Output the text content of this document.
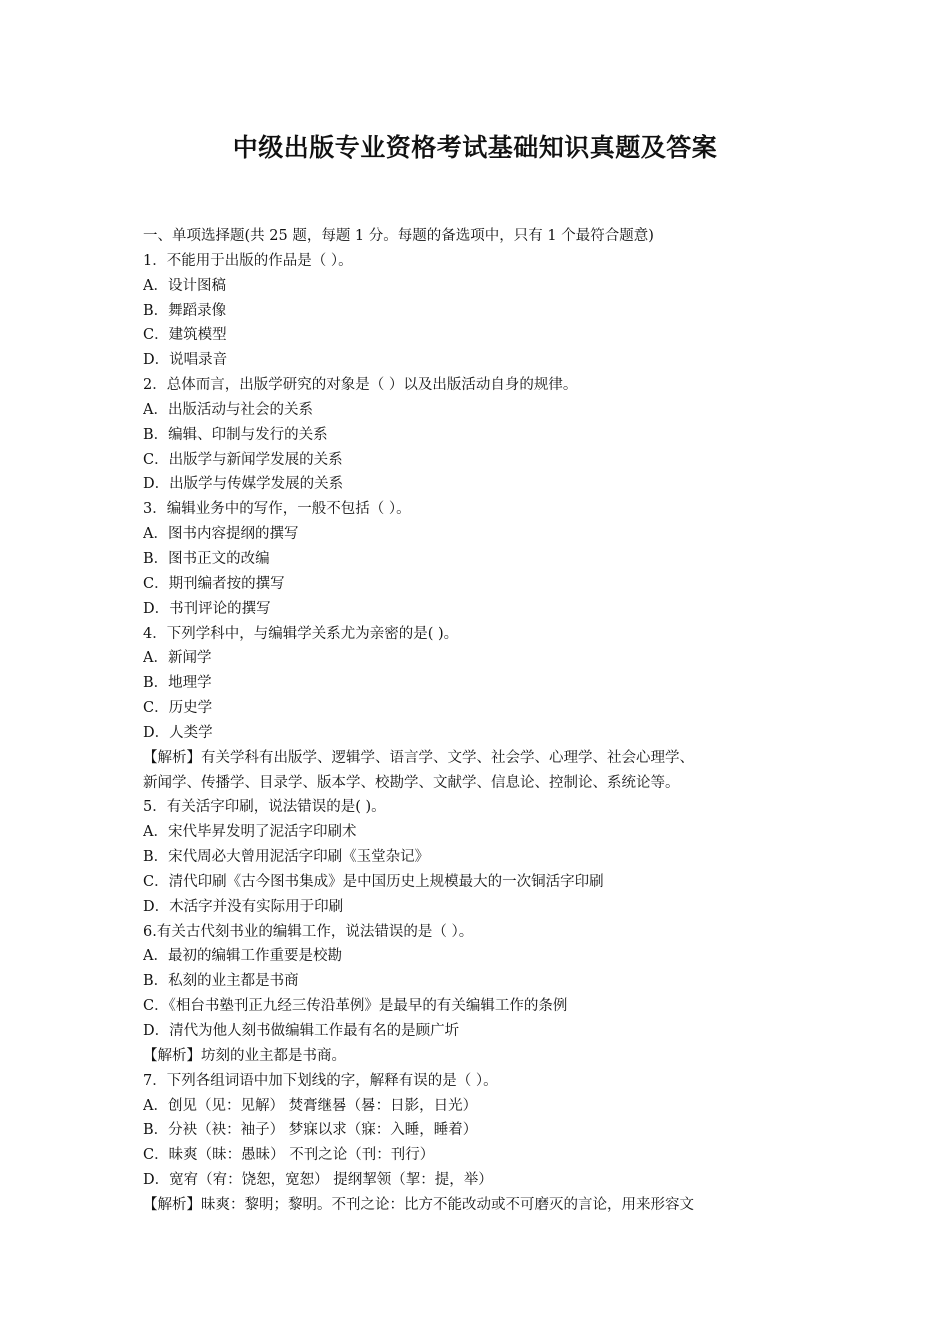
中级出版专业资格考试基础知识真题及答案
一、单项选择题(共 25 题，每题 1 分。每题的备选项中，只有 1 个最符合题意)
1．不能用于出版的作品是（ ）。
A．设计图稿
B．舞蹈录像
C．建筑模型
D．说唱录音
2．总体而言，出版学研究的对象是（ ）以及出版活动自身的规律。
A．出版活动与社会的关系
B．编辑、印制与发行的关系
C．出版学与新闻学发展的关系
D．出版学与传媒学发展的关系
3．编辑业务中的写作，一般不包括（ ）。
A．图书内容提纲的撰写
B．图书正文的改编
C．期刊编者按的撰写
D．书刊评论的撰写
4．下列学科中，与编辑学关系尤为亲密的是( )。
A．新闻学
B．地理学
C．历史学
D．人类学
【解析】有关学科有出版学、逻辑学、语言学、文学、社会学、心理学、社会心理学、
新闻学、传播学、目录学、版本学、校勘学、文献学、信息论、控制论、系统论等。
5．有关活字印刷，说法错误的是( )。
A．宋代毕昇发明了泥活字印刷术
B．宋代周必大曾用泥活字印刷《玉堂杂记》
C．清代印刷《古今图书集成》是中国历史上规模最大的一次铜活字印刷
D．木活字并没有实际用于印刷
6.有关古代刻书业的编辑工作，说法错误的是（ ）。
A．最初的编辑工作重要是校勘
B．私刻的业主都是书商
C．《相台书塾刊正九经三传沿革例》是最早的有关编辑工作的条例
D．清代为他人刻书做编辑工作最有名的是顾广圻
【解析】坊刻的业主都是书商。
7．下列各组词语中加下划线的字，解释有误的是（ ）。
A．创见（见：见解） 焚膏继晷（晷：日影，日光）
B．分袂（袂：袖子） 梦寐以求（寐：入睡，睡着）
C．昧爽（昧：愚昧） 不刊之论（刊：刊行）
D．宽宥（宥：饶恕，宽恕） 提纲挈领（挈：提，举）
【解析】昧爽：黎明；黎明。不刊之论：比方不能改动或不可磨灭的言论，用来形容文
